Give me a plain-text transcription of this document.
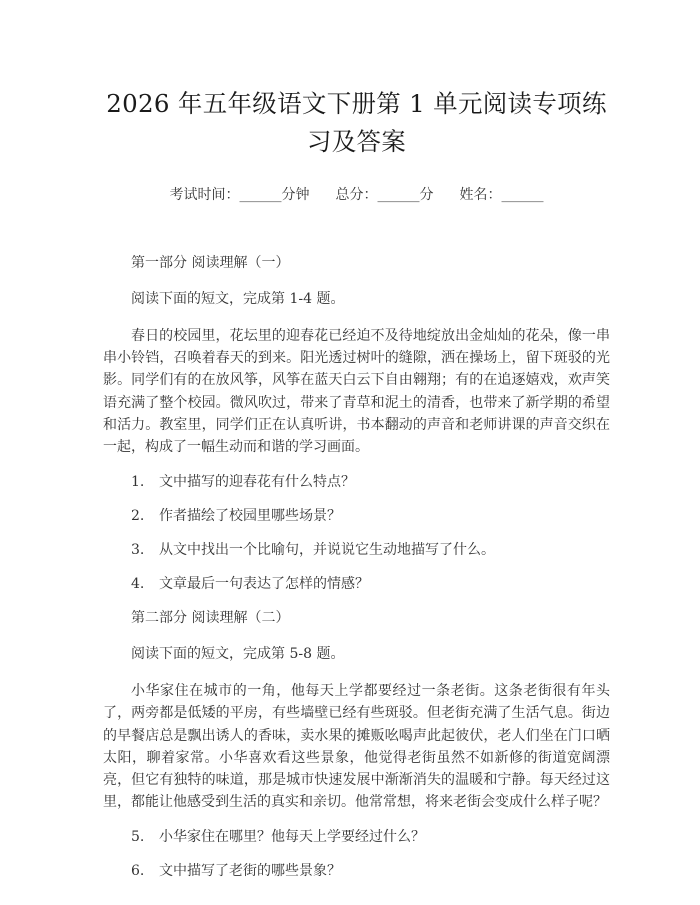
2026 年五年级语文下册第 1 单元阅读专项练习及答案
考试时间：______分钟 总分：______分 姓名：______
第一部分 阅读理解（一）
阅读下面的短文，完成第 1-4 题。
春日的校园里，花坛里的迎春花已经迫不及待地绽放出金灿灿的花朵，像一串串小铃铛，召唤着春天的到来。阳光透过树叶的缝隙，洒在操场上，留下斑驳的光影。同学们有的在放风筝，风筝在蓝天白云下自由翱翔；有的在追逐嬉戏，欢声笑语充满了整个校园。微风吹过，带来了青草和泥土的清香，也带来了新学期的希望和活力。教室里，同学们正在认真听讲，书本翻动的声音和老师讲课的声音交织在一起，构成了一幅生动而和谐的学习画面。
1.	文中描写的迎春花有什么特点？
2.	作者描绘了校园里哪些场景？
3.	从文中找出一个比喻句，并说说它生动地描写了什么。
4.	文章最后一句表达了怎样的情感？
第二部分 阅读理解（二）
阅读下面的短文，完成第 5-8 题。
小华家住在城市的一角，他每天上学都要经过一条老街。这条老街很有年头了，两旁都是低矮的平房，有些墙壁已经有些斑驳。但老街充满了生活气息。街边的早餐店总是飘出诱人的香味，卖水果的摊贩吆喝声此起彼伏，老人们坐在门口晒太阳，聊着家常。小华喜欢看这些景象，他觉得老街虽然不如新修的街道宽阔漂亮，但它有独特的味道，那是城市快速发展中渐渐消失的温暖和宁静。每天经过这里，都能让他感受到生活的真实和亲切。他常常想，将来老街会变成什么样子呢？
5.	小华家住在哪里？他每天上学要经过什么？
6.	文中描写了老街的哪些景象？
